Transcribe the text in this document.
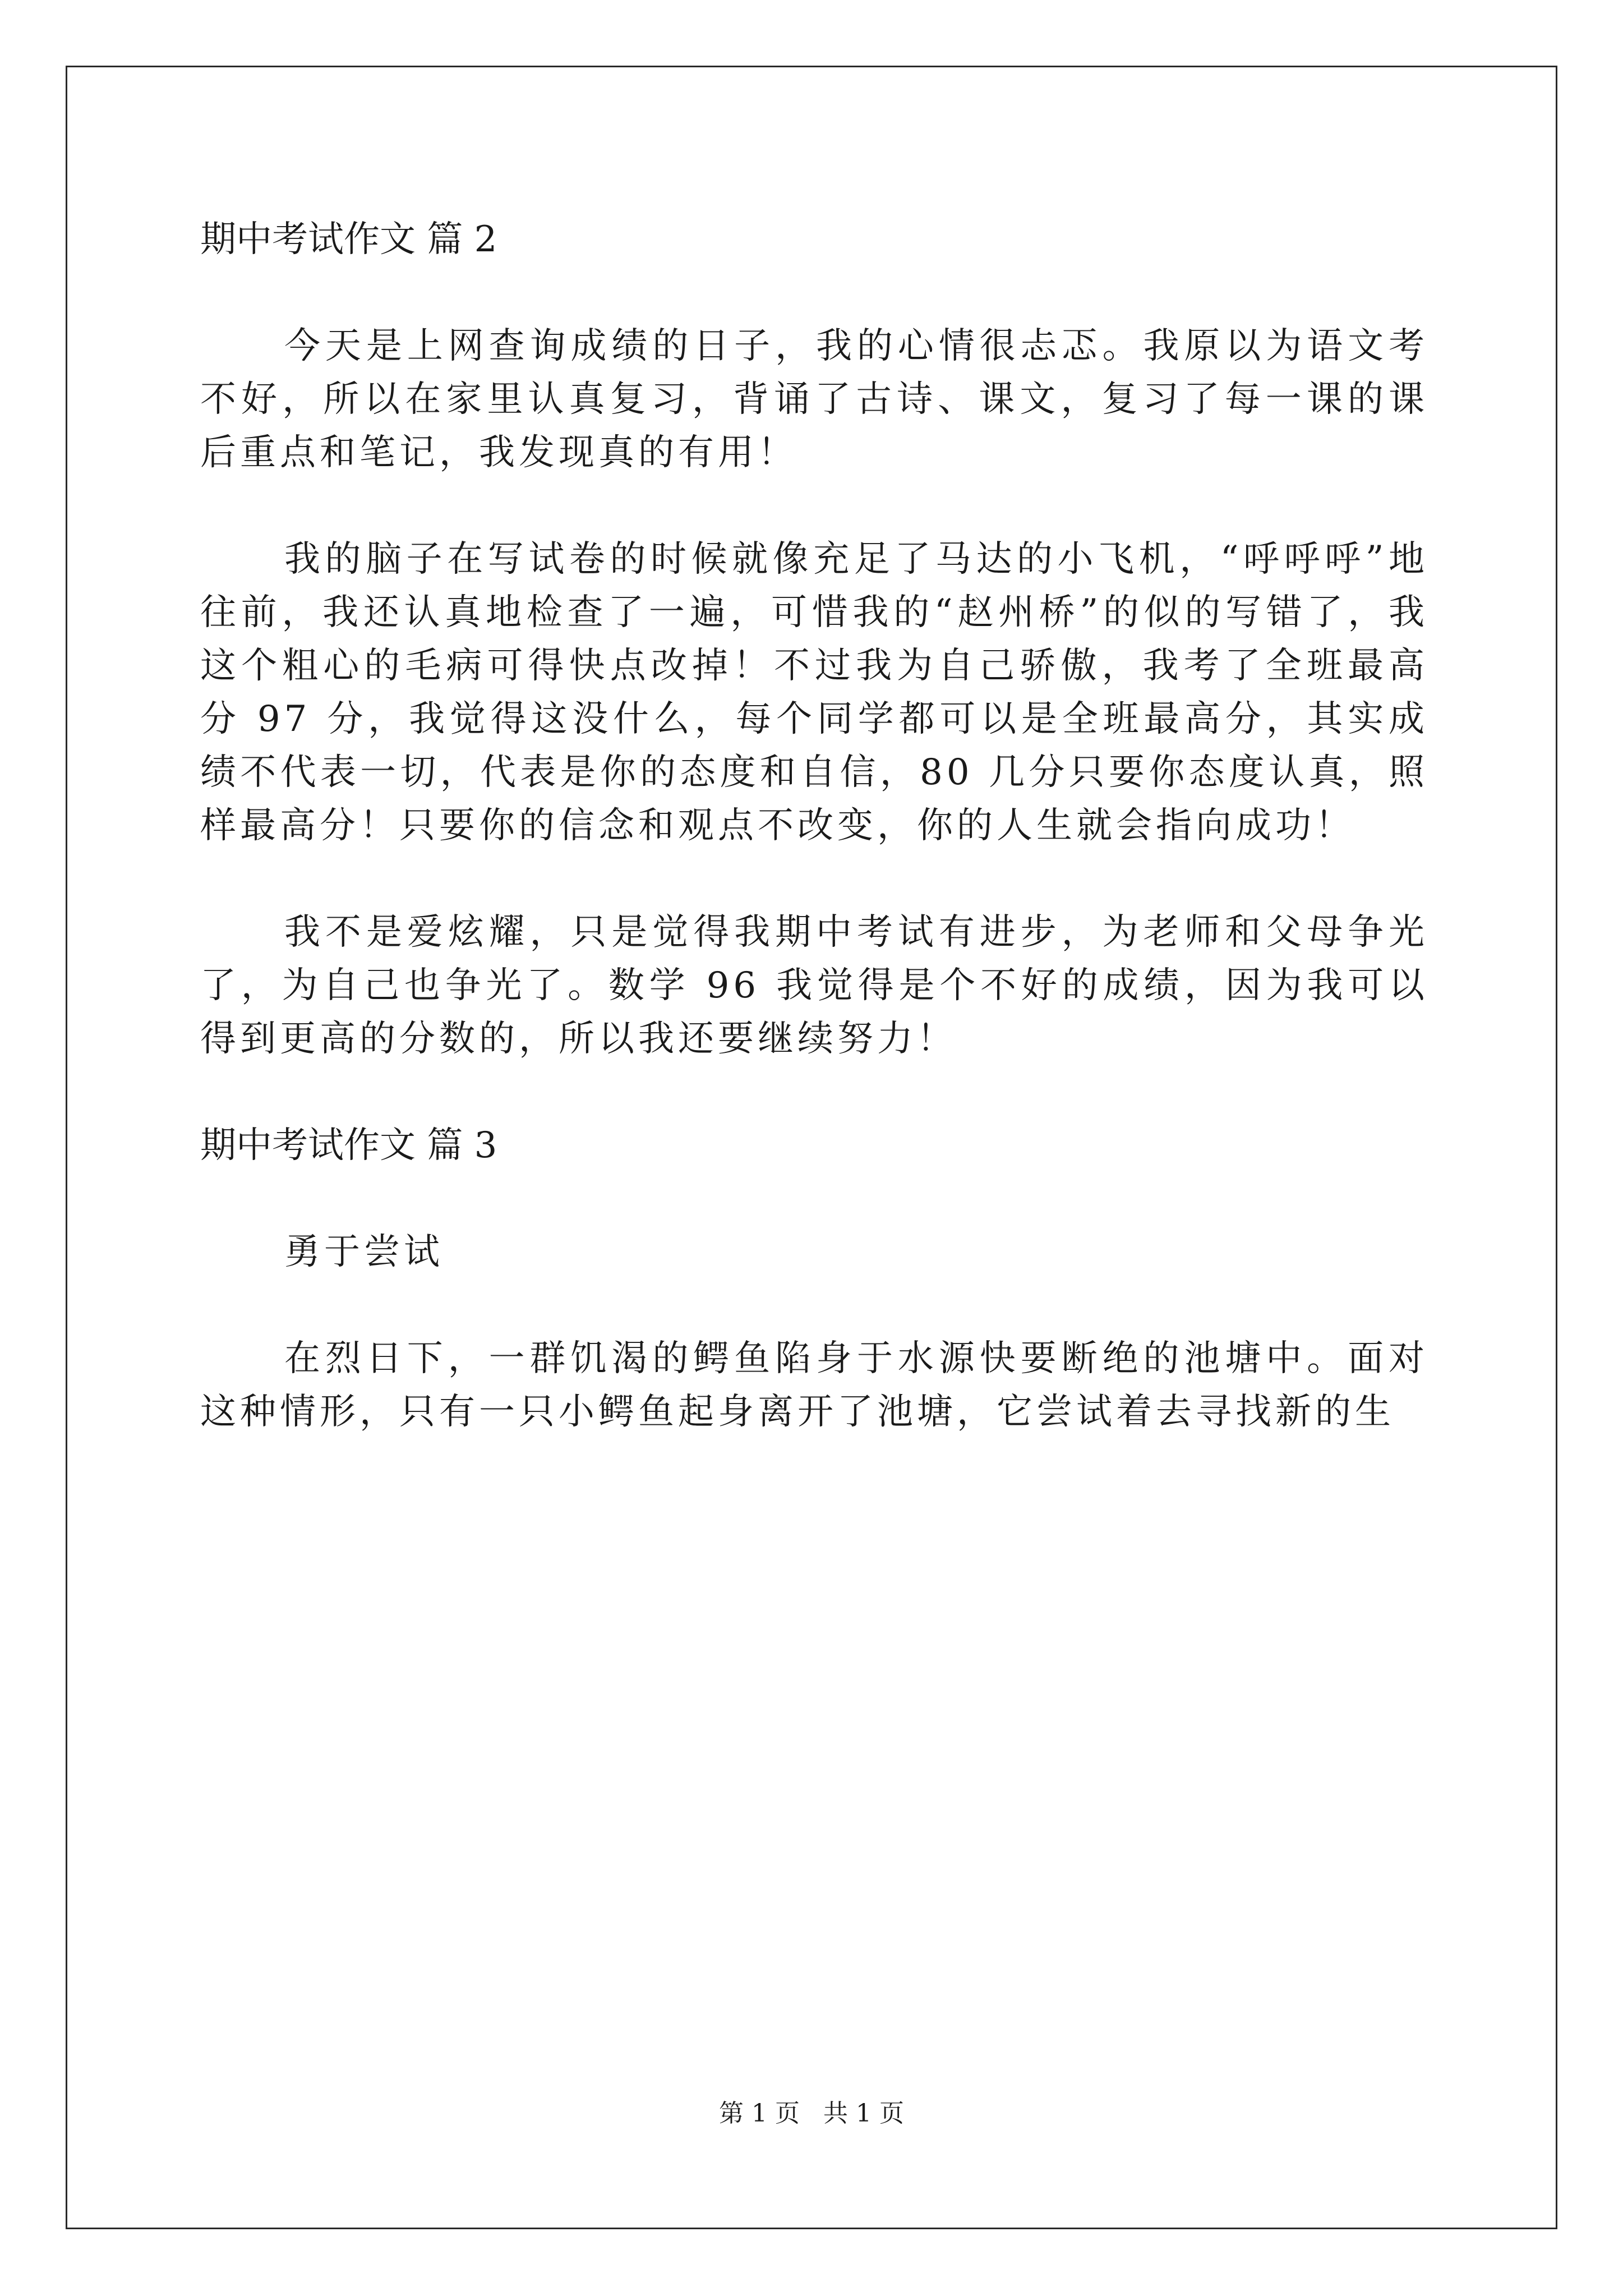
期中考试作文 篇 2

今天是上网查询成绩的日子，我的心情很忐忑。我原以为语文考不好，所以在家里认真复习，背诵了古诗、课文，复习了每一课的课后重点和笔记，我发现真的有用！

我的脑子在写试卷的时候就像充足了马达的小飞机，“呼呼呼”地往前，我还认真地检查了一遍，可惜我的“赵州桥”的似的写错了，我这个粗心的毛病可得快点改掉！不过我为自己骄傲，我考了全班最高分 97 分，我觉得这没什么，每个同学都可以是全班最高分，其实成绩不代表一切，代表是你的态度和自信，80 几分只要你态度认真，照样最高分！只要你的信念和观点不改变，你的人生就会指向成功！

我不是爱炫耀，只是觉得我期中考试有进步，为老师和父母争光了，为自己也争光了。数学 96 我觉得是个不好的成绩，因为我可以得到更高的分数的，所以我还要继续努力！

期中考试作文 篇 3

勇于尝试

在烈日下，一群饥渴的鳄鱼陷身于水源快要断绝的池塘中。面对这种情形，只有一只小鳄鱼起身离开了池塘，它尝试着去寻找新的生

第 1 页   共 1 页
